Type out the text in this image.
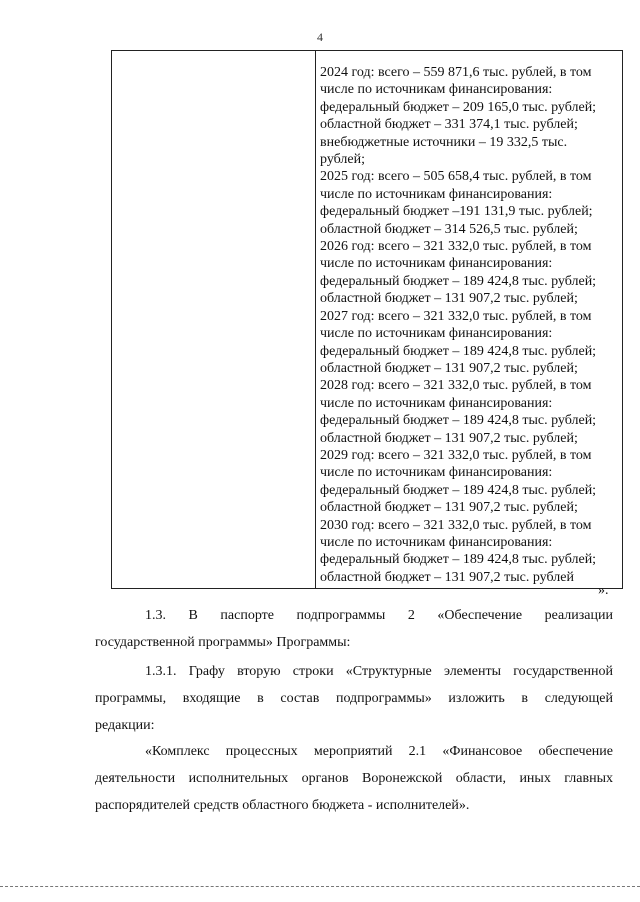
4

2024 год: всего – 559 871,6 тыс. рублей, в том
числе по источникам финансирования:
федеральный бюджет – 209 165,0 тыс. рублей;
областной бюджет – 331 374,1 тыс. рублей;
внебюджетные источники – 19 332,5 тыс.
рублей;
2025 год: всего – 505 658,4 тыс. рублей, в том
числе по источникам финансирования:
федеральный бюджет –191 131,9 тыс. рублей;
областной бюджет – 314 526,5 тыс. рублей;
2026 год: всего – 321 332,0 тыс. рублей, в том
числе по источникам финансирования:
федеральный бюджет – 189 424,8 тыс. рублей;
областной бюджет – 131 907,2 тыс. рублей;
2027 год: всего – 321 332,0 тыс. рублей, в том
числе по источникам финансирования:
федеральный бюджет – 189 424,8 тыс. рублей;
областной бюджет – 131 907,2 тыс. рублей;
2028 год: всего – 321 332,0 тыс. рублей, в том
числе по источникам финансирования:
федеральный бюджет – 189 424,8 тыс. рублей;
областной бюджет – 131 907,2 тыс. рублей;
2029 год: всего – 321 332,0 тыс. рублей, в том
числе по источникам финансирования:
федеральный бюджет – 189 424,8 тыс. рублей;
областной бюджет – 131 907,2 тыс. рублей;
2030 год: всего – 321 332,0 тыс. рублей, в том
числе по источникам финансирования:
федеральный бюджет – 189 424,8 тыс. рублей;
областной бюджет – 131 907,2 тыс. рублей
».
1.3. В паспорте подпрограммы 2 «Обеспечение реализации
государственной программы» Программы:
1.3.1. Графу вторую строки «Структурные элементы государственной
программы, входящие в состав подпрограммы» изложить в следующей
редакции:
«Комплекс процессных мероприятий 2.1 «Финансовое обеспечение
деятельности исполнительных органов Воронежской области, иных главных
распорядителей средств областного бюджета - исполнителей».
